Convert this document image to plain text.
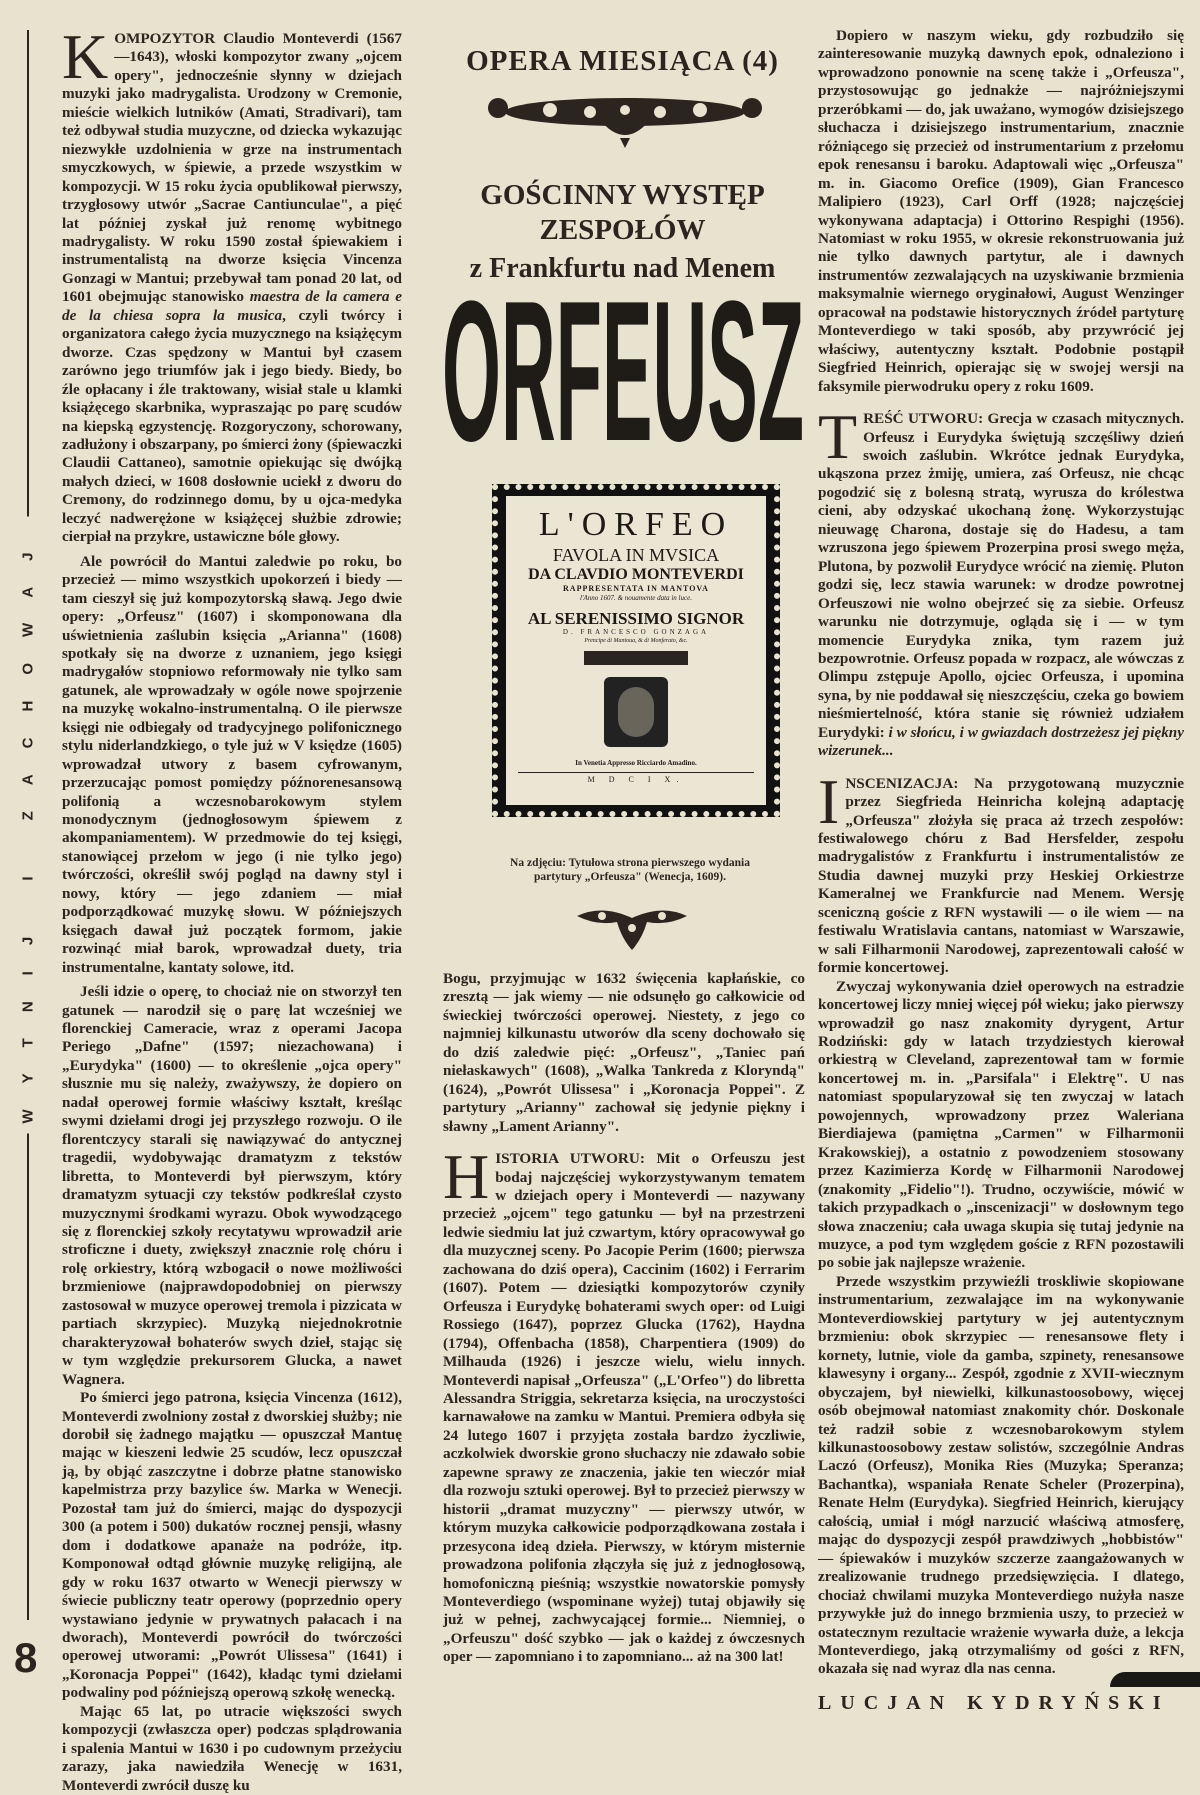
WYTNIJ I ZACHOWAJ

KOMPOZYTOR Claudio Monteverdi (1567—1643), włoski kompozytor zwany „ojcem opery", jednocześnie słynny w dziejach muzyki jako madrygalista. Urodzony w Cremonie, mieście wielkich lutników (Amati, Stradivari), tam też odbywał studia muzyczne, od dziecka wykazując niezwykłe uzdolnienia w grze na instrumentach smyczkowych, w śpiewie, a przede wszystkim w kompozycji. W 15 roku życia opublikował pierwszy, trzygłosowy utwór „Sacrae Cantiunculae", a pięć lat później zyskał już renomę wybitnego madrygalisty. W roku 1590 został śpiewakiem i instrumentalistą na dworze księcia Vincenza Gonzagi w Mantui; przebywał tam ponad 20 lat, od 1601 obejmując stanowisko maestra de la camera e de la chiesa sopra la musica, czyli twórcy i organizatora całego życia muzycznego na książęcym dworze. Czas spędzony w Mantui był czasem zarówno jego triumfów jak i jego biedy. Biedy, bo źle opłacany i źle traktowany, wisiał stale u klamki książęcego skarbnika, wypraszając po parę scudów na kiepską egzystencję. Rozgoryczony, schorowany, zadłużony i obszarpany, po śmierci żony (śpiewaczki Claudii Cattaneo), samotnie opiekując się dwójką małych dzieci, w 1608 dosłownie uciekł z dworu do Cremony, do rodzinnego domu, by u ojca-medyka leczyć nadwerężone w książęcej służbie zdrowie; cierpiał na przykre, ustawiczne bóle głowy.

Ale powrócił do Mantui zaledwie po roku, bo przecież — mimo wszystkich upokorzeń i biedy — tam cieszył się już kompozytorską sławą. Jego dwie opery: „Orfeusz" (1607) i skomponowana dla uświetnienia zaślubin księcia „Arianna" (1608) spotkały się na dworze z uznaniem, jego księgi madrygałów stopniowo reformowały nie tylko sam gatunek, ale wprowadzały w ogóle nowe spojrzenie na muzykę wokalno-instrumentalną. O ile pierwsze księgi nie odbiegały od tradycyjnego polifonicznego stylu niderlandzkiego, o tyle już w V księdze (1605) wprowadzał utwory z basem cyfrowanym, przerzucając pomost pomiędzy późnorenesansową polifonią a wczesnobarokowym stylem monodycznym (jednogłosowym śpiewem z akompaniamentem). W przedmowie do tej księgi, stanowiącej przełom w jego (i nie tylko jego) twórczości, określił swój pogląd na dawny styl i nowy, który — jego zdaniem — miał podporządkować muzykę słowu. W późniejszych księgach dawał już początek formom, jakie rozwinąć miał barok, wprowadzał duety, tria instrumentalne, kantaty solowe, itd.

Jeśli idzie o operę, to chociaż nie on stworzył ten gatunek — narodził się o parę lat wcześniej we florenckiej Cameracie, wraz z operami Jacopa Periego „Dafne" (1597; niezachowana) i „Eurydyka" (1600) — to określenie „ojca opery" słusznie mu się należy, zważywszy, że dopiero on nadał operowej formie właściwy kształt, kreśląc swymi dziełami drogi jej przyszłego rozwoju. O ile florentczycy starali się nawiązywać do antycznej tragedii, wydobywając dramatyzm z tekstów libretta, to Monteverdi był pierwszym, który dramatyzm sytuacji czy tekstów podkreślał czysto muzycznymi środkami wyrazu. Obok wywodzącego się z florenckiej szkoły recytatywu wprowadził arie stroficzne i duety, zwiększył znacznie rolę chóru i rolę orkiestry, którą wzbogacił o nowe możliwości brzmieniowe (najprawdopodobniej on pierwszy zastosował w muzyce operowej tremola i pizzicata w partiach skrzypiec). Muzyką niejednokrotnie charakteryzował bohaterów swych dzieł, stając się w tym względzie prekursorem Glucka, a nawet Wagnera.

Po śmierci jego patrona, księcia Vincenza (1612), Monteverdi zwolniony został z dworskiej służby; nie dorobił się żadnego majątku — opuszczał Mantuę mając w kieszeni ledwie 25 scudów, lecz opuszczał ją, by objąć zaszczytne i dobrze płatne stanowisko kapelmistrza przy bazylice św. Marka w Wenecji. Pozostał tam już do śmierci, mając do dyspozycji 300 (a potem i 500) dukatów rocznej pensji, własny dom i dodatkowe apanaże na podróże, itp. Komponował odtąd głównie muzykę religijną, ale gdy w roku 1637 otwarto w Wenecji pierwszy w świecie publiczny teatr operowy (poprzednio opery wystawiano jedynie w prywatnych pałacach i na dworach), Monteverdi powrócił do twórczości operowej utworami: „Powrót Ulissesa" (1641) i „Koronacja Poppei" (1642), kładąc tymi dziełami podwaliny pod późniejszą operową szkołę wenecką.

Mając 65 lat, po utracie większości swych kompozycji (zwłaszcza oper) podczas splądrowania i spalenia Mantui w 1630 i po cudownym przeżyciu zarazy, jaka nawiedziła Wenecję w 1631, Monteverdi zwrócił duszę ku

OPERA MIESIĄCA (4)
GOŚCINNY WYSTĘP
ZESPOŁÓW
z Frankfurtu nad Menem
ORFEUSZ
L'ORFEO
FAVOLA IN MVSICA
DA CLAVDIO MONTEVERDI
RAPPRESENTATA IN MANTOVA
l'Anno 1607. & nouamente data in luce.
AL SERENISSIMO SIGNOR
D. FRANCESCO GONZAGA
Prencipe di Mantoua, & di Monferato, &c.
In Venetia Appresso Ricciardo Amadino.
M D C I X.
Na zdjęciu: Tytułowa strona pierwszego wydania partytury „Orfeusza" (Wenecja, 1609).

Bogu, przyjmując w 1632 święcenia kapłańskie, co zresztą — jak wiemy — nie odsunęło go całkowicie od świeckiej twórczości operowej. Niestety, z jego co najmniej kilkunastu utworów dla sceny dochowało się do dziś zaledwie pięć: „Orfeusz", „Taniec pań niełaskawych" (1608), „Walka Tankreda z Kloryndą" (1624), „Powrót Ulissesa" i „Koronacja Poppei". Z partytury „Arianny" zachował się jedynie piękny i sławny „Lament Arianny".

HISTORIA UTWORU: Mit o Orfeuszu jest bodaj najczęściej wykorzystywanym tematem w dziejach opery i Monteverdi — nazywany przecież „ojcem" tego gatunku — był na przestrzeni ledwie siedmiu lat już czwartym, który opracowywał go dla muzycznej sceny. Po Jacopie Perim (1600; pierwsza zachowana do dziś opera), Caccinim (1602) i Ferrarim (1607). Potem — dziesiątki kompozytorów czyniły Orfeusza i Eurydykę bohaterami swych oper: od Luigi Rossiego (1647), poprzez Glucka (1762), Haydna (1794), Offenbacha (1858), Charpentiera (1909) do Milhauda (1926) i jeszcze wielu, wielu innych. Monteverdi napisał „Orfeusza" („L'Orfeo") do libretta Alessandra Striggia, sekretarza księcia, na uroczystości karnawałowe na zamku w Mantui. Premiera odbyła się 24 lutego 1607 i przyjęta została bardzo życzliwie, aczkolwiek dworskie grono słuchaczy nie zdawało sobie zapewne sprawy ze znaczenia, jakie ten wieczór miał dla rozwoju sztuki operowej. Był to przecież pierwszy w historii „dramat muzyczny" — pierwszy utwór, w którym muzyka całkowicie podporządkowana została i przesycona ideą dzieła. Pierwszy, w którym misternie prowadzona polifonia złączyła się już z jednogłosową, homofoniczną pieśnią; wszystkie nowatorskie pomysły Monteverdiego (wspominane wyżej) tutaj objawiły się już w pełnej, zachwycającej formie... Niemniej, o „Orfeuszu" dość szybko — jak o każdej z ówczesnych oper — zapomniano i to zapomniano... aż na 300 lat!

Dopiero w naszym wieku, gdy rozbudziło się zainteresowanie muzyką dawnych epok, odnaleziono i wprowadzono ponownie na scenę także i „Orfeusza", przystosowując go jednakże — najróżniejszymi przeróbkami — do, jak uważano, wymogów dzisiejszego słuchacza i dzisiejszego instrumentarium, znacznie różniącego się przecież od instrumentarium z przełomu epok renesansu i baroku. Adaptowali więc „Orfeusza" m. in. Giacomo Orefice (1909), Gian Francesco Malipiero (1923), Carl Orff (1928; najczęściej wykonywana adaptacja) i Ottorino Respighi (1956). Natomiast w roku 1955, w okresie rekonstruowania już nie tylko dawnych partytur, ale i dawnych instrumentów zezwalających na uzyskiwanie brzmienia maksymalnie wiernego oryginałowi, August Wenzinger opracował na podstawie historycznych źródeł partyturę Monteverdiego w taki sposób, aby przywrócić jej właściwy, autentyczny kształt. Podobnie postąpił Siegfried Heinrich, opierając się w swojej wersji na faksymile pierwodruku opery z roku 1609.

TREŚĆ UTWORU: Grecja w czasach mitycznych. Orfeusz i Eurydyka świętują szczęśliwy dzień swoich zaślubin. Wkrótce jednak Eurydyka, ukąszona przez żmiję, umiera, zaś Orfeusz, nie chcąc pogodzić się z bolesną stratą, wyrusza do królestwa cieni, aby odzyskać ukochaną żonę. Wykorzystując nieuwagę Charona, dostaje się do Hadesu, a tam wzruszona jego śpiewem Prozerpina prosi swego męża, Plutona, by pozwolił Eurydyce wrócić na ziemię. Pluton godzi się, lecz stawia warunek: w drodze powrotnej Orfeuszowi nie wolno obejrzeć się za siebie. Orfeusz warunku nie dotrzymuje, ogląda się i — w tym momencie Eurydyka znika, tym razem już bezpowrotnie. Orfeusz popada w rozpacz, ale wówczas z Olimpu zstępuje Apollo, ojciec Orfeusza, i upomina syna, by nie poddawał się nieszczęściu, czeka go bowiem nieśmiertelność, która stanie się również udziałem Eurydyki: i w słońcu, i w gwiazdach dostrzeżesz jej piękny wizerunek...

INSCENIZACJA: Na przygotowaną muzycznie przez Siegfrieda Heinricha kolejną adaptację „Orfeusza" złożyła się praca aż trzech zespołów: festiwalowego chóru z Bad Hersfelder, zespołu madrygalistów z Frankfurtu i instrumentalistów ze Studia dawnej muzyki przy Heskiej Orkiestrze Kameralnej we Frankfurcie nad Menem. Wersję sceniczną goście z RFN wystawili — o ile wiem — na festiwalu Wratislavia cantans, natomiast w Warszawie, w sali Filharmonii Narodowej, zaprezentowali całość w formie koncertowej.

Zwyczaj wykonywania dzieł operowych na estradzie koncertowej liczy mniej więcej pół wieku; jako pierwszy wprowadził go nasz znakomity dyrygent, Artur Rodziński: gdy w latach trzydziestych kierował orkiestrą w Cleveland, zaprezentował tam w formie koncertowej m. in. „Parsifala" i Elektrę". U nas natomiast spopularyzował się ten zwyczaj w latach powojennych, wprowadzony przez Waleriana Bierdiajewa (pamiętna „Carmen" w Filharmonii Krakowskiej), a ostatnio z powodzeniem stosowany przez Kazimierza Kordę w Filharmonii Narodowej (znakomity „Fidelio"!). Trudno, oczywiście, mówić w takich przypadkach o „inscenizacji" w dosłownym tego słowa znaczeniu; cała uwaga skupia się tutaj jedynie na muzyce, a pod tym względem goście z RFN pozostawili po sobie jak najlepsze wrażenie.

Przede wszystkim przywieźli troskliwie skopiowane instrumentarium, zezwalające im na wykonywanie Monteverdiowskiej partytury w jej autentycznym brzmieniu: obok skrzypiec — renesansowe flety i kornety, lutnie, viole da gamba, szpinety, renesansowe klawesyny i organy... Zespół, zgodnie z XVII-wiecznym obyczajem, był niewielki, kilkunastoosobowy, więcej osób obejmował natomiast znakomity chór. Doskonale też radził sobie z wczesnobarokowym stylem kilkunastoosobowy zestaw solistów, szczególnie Andras Laczó (Orfeusz), Monika Ries (Muzyka; Speranza; Bachantka), wspaniała Renate Scheler (Prozerpina), Renate Helm (Eurydyka). Siegfried Heinrich, kierujący całością, umiał i mógł narzucić właściwą atmosferę, mając do dyspozycji zespół prawdziwych „hobbistów" — śpiewaków i muzyków szczerze zaangażowanych w zrealizowanie trudnego przedsięwzięcia. I dlatego, chociaż chwilami muzyka Monteverdiego nużyła nasze przywykłe już do innego brzmienia uszy, to przecież w ostatecznym rezultacie wrażenie wywarła duże, a lekcja Monteverdiego, jaką otrzymaliśmy od gości z RFN, okazała się nad wyraz dla nas cenna.

LUCJAN KYDRYŃSKI
8
